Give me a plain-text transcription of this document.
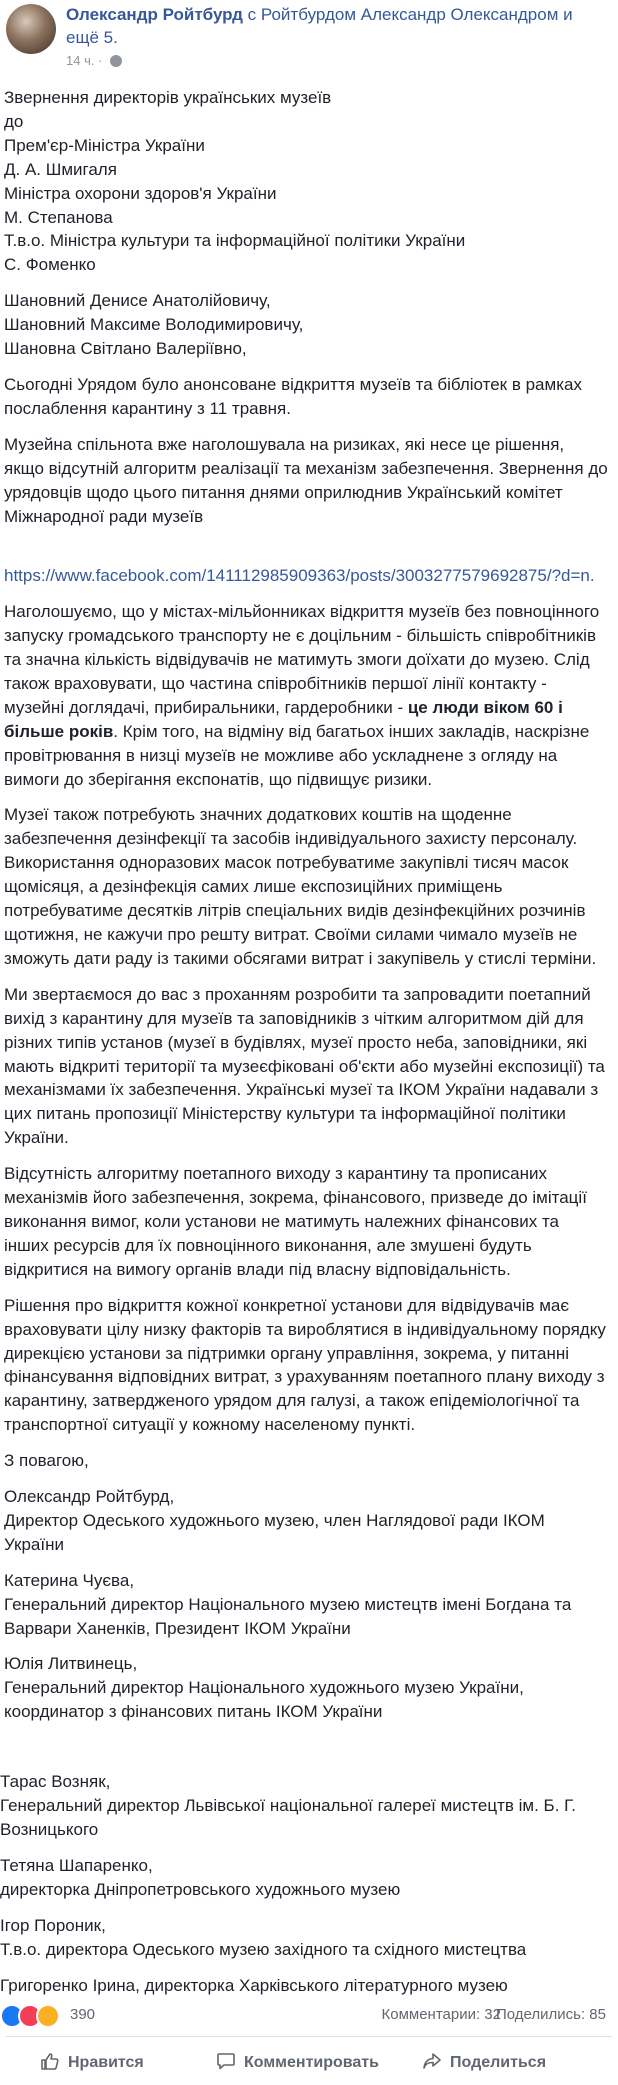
Олександр Ройтбурд с Ройтбурдом Александр Олександром и ещё 5.
14 ч. ·

Звернення директорів українських музеїв
до
Прем'єр-Міністра України
Д. А. Шмигаля
Міністра охорони здоров'я України
М. Степанова
Т.в.о. Міністра культури та інформаційної політики України
С. Фоменко

Шановний Денисе Анатолійовичу,
Шановний Максиме Володимировичу,
Шановна Світлано Валеріївно,

Сьогодні Урядом було анонсоване відкриття музеїв та бібліотек в рамках послаблення карантину з 11 травня.

Музейна спільнота вже наголошувала на ризиках, які несе це рішення, якщо відсутній алгоритм реалізації та механізм забезпечення. Звернення до урядовців щодо цього питання днями оприлюднив Український комітет Міжнародної ради музеїв

https://www.facebook.com/141112985909363/posts/3003277579692875/?d=n.

Наголошуємо, що у містах-мільйонниках відкриття музеїв без повноцінного запуску громадського транспорту не є доцільним - більшість співробітників та значна кількість відвідувачів не матимуть змоги доїхати до музею. Слід також враховувати, що частина співробітників першої лінії контакту - музейні доглядачі, прибиральники, гардеробники - це люди віком 60 і більше років. Крім того, на відміну від багатьох інших закладів, наскрізне провітрювання в низці музеїв не можливе або ускладнене з огляду на вимоги до зберігання експонатів, що підвищує ризики.

Музеї також потребують значних додаткових коштів на щоденне забезпечення дезінфекції та засобів індивідуального захисту персоналу. Використання одноразових масок потребуватиме закупівлі тисяч масок щомісяця, а дезінфекція самих лише експозиційних приміщень потребуватиме десятків літрів спеціальних видів дезінфекційних розчинів щотижня, не кажучи про решту витрат. Своїми силами чимало музеїв не зможуть дати раду із такими обсягами витрат і закупівель у стислі терміни.

Ми звертаємося до вас з проханням розробити та запровадити поетапний вихід з карантину для музеїв та заповідників з чітким алгоритмом дій для різних типів установ (музеї в будівлях, музеї просто неба, заповідники, які мають відкриті території та музеєфіковані об'єкти або музейні експозиції) та механізмами їх забезпечення. Українські музеї та ІКОМ України надавали з цих питань пропозиції Міністерству культури та інформаційної політики України.

Відсутність алгоритму поетапного виходу з карантину та прописаних механізмів його забезпечення, зокрема, фінансового, призведе до імітації виконання вимог, коли установи не матимуть належних фінансових та інших ресурсів для їх повноцінного виконання, але змушені будуть відкритися на вимогу органів влади під власну відповідальність.

Рішення про відкриття кожної конкретної установи для відвідувачів має враховувати цілу низку факторів та вироблятися в індивідуальному порядку дирекцією установи за підтримки органу управління, зокрема, у питанні фінансування відповідних витрат, з урахуванням поетапного плану виходу з карантину, затвердженого урядом для галузі, а також епідеміологічної та транспортної ситуації у кожному населеному пункті.

З повагою,

Олександр Ройтбурд,
Директор Одеського художнього музею, член Наглядової ради ІКОМ України

Катерина Чуєва,
Генеральний директор Національного музею мистецтв імені Богдана та Варвари Ханенків, Президент ІКОМ України

Юлія Литвинець,
Генеральний директор Національного художнього музею України,
координатор з фінансових питань ІКОМ України

Тарас Возняк,
Генеральний директор Львівської національної галереї мистецтв ім. Б. Г. Возницького

Тетяна Шапаренко,
директорка Дніпропетровського художнього музею

Ігор Пороник,
Т.в.о. директора Одеського музею західного та східного мистецтва

Григоренко Ірина, директорка Харківського літературного музею

390	Комментарии: 32
Поделились: 85
Нравится	Комментировать	Поделиться
